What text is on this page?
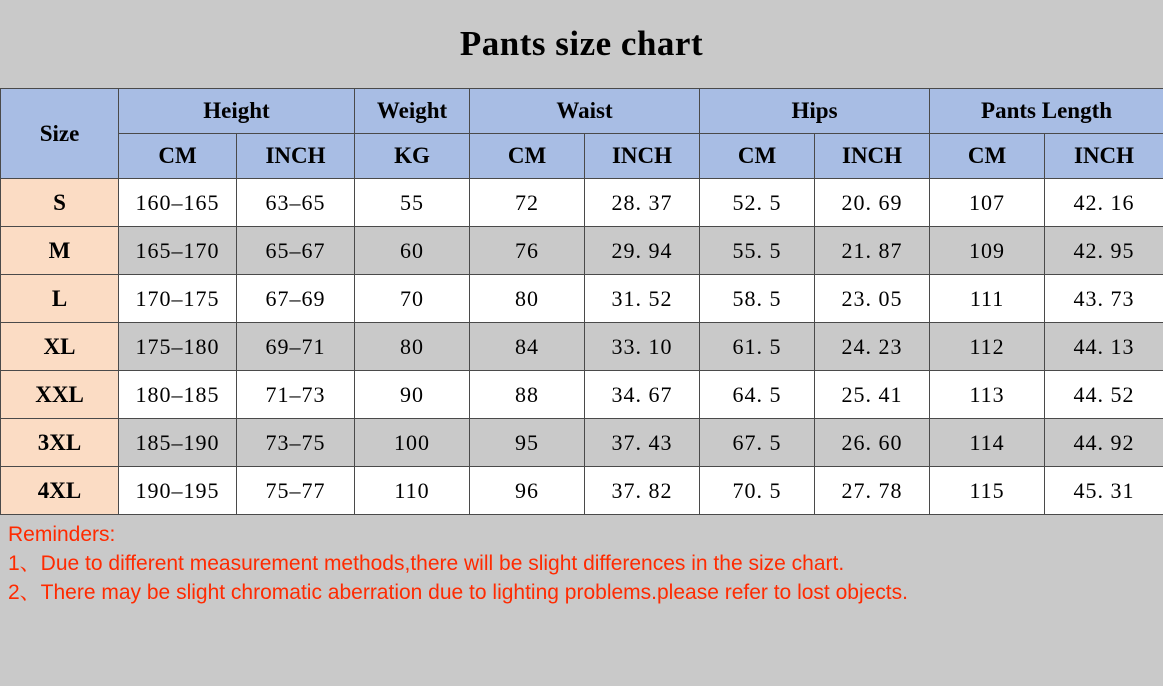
Pants size chart
Size	Height		Weight	Waist		Hips		Pants Length	
	CM	INCH	KG	CM	INCH	CM	INCH	CM	INCH
S	160–165	63–65	55	72	28. 37	52. 5	20. 69	107	42. 16
M	165–170	65–67	60	76	29. 94	55. 5	21. 87	109	42. 95
L	170–175	67–69	70	80	31. 52	58. 5	23. 05	111	43. 73
XL	175–180	69–71	80	84	33. 10	61. 5	24. 23	112	44. 13
XXL	180–185	71–73	90	88	34. 67	64. 5	25. 41	113	44. 52
3XL	185–190	73–75	100	95	37. 43	67. 5	26. 60	114	44. 92
4XL	190–195	75–77	110	96	37. 82	70. 5	27. 78	115	45. 31
Reminders:
1、Due to different measurement methods,there will be slight differences in the size chart.
2、There may be slight chromatic aberration due to lighting problems.please refer to lost objects.
